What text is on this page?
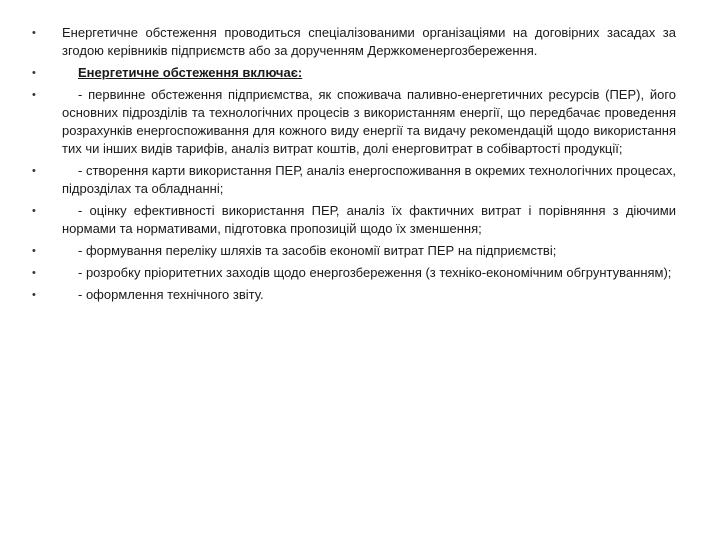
• Енергетичне обстеження проводиться спеціалізованими організаціями на договірних засадах за згодою керівників підприємств або за дорученням Держкоменергозбереження.
•	Енергетичне обстеження включає:
•	- первинне обстеження підприємства, як споживача паливно-енергетичних ресурсів (ПЕР), його основних підрозділів та технологічних процесів з використанням енергії, що передбачає проведення розрахунків енергоспоживання для кожного виду енергії та видачу рекомендацій щодо використання тих чи інших видів тарифів, аналіз витрат коштів, долі енерговитрат в собівартості продукції;
•	- створення карти використання ПЕР, аналіз енергоспоживання в окремих технологічних процесах, підрозділах та обладнанні;
•	- оцінку ефективності використання ПЕР, аналіз їх фактичних витрат і порівняння з діючими нормами та нормативами, підготовка пропозицій щодо їх зменшення;
•	- формування переліку шляхів та засобів економії витрат ПЕР на підприємстві;
•	- розробку пріоритетних заходів щодо енергозбереження (з техніко-економічним обгрунтуванням);
•	- оформлення технічного звіту.
